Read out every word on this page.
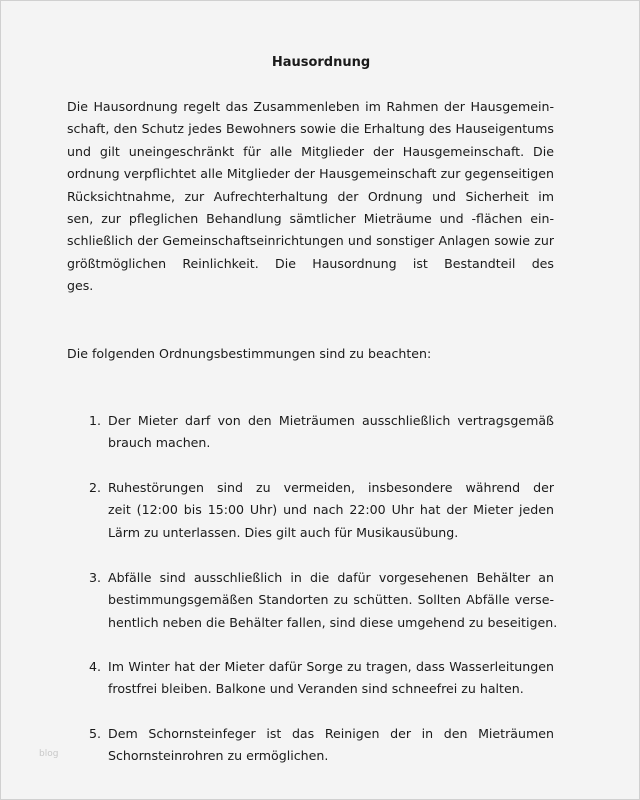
Hausordnung
Die Hausordnung regelt das Zusammenleben im Rahmen der Hausgemein-
schaft, den Schutz jedes Bewohners sowie die Erhaltung des Hauseigentums
und gilt uneingeschränkt für alle Mitglieder der Hausgemeinschaft. Die
ordnung verpflichtet alle Mitglieder der Hausgemeinschaft zur gegenseitigen
Rücksichtnahme, zur Aufrechterhaltung der Ordnung und Sicherheit im
sen, zur pfleglichen Behandlung sämtlicher Mieträume und -flächen ein-
schließlich der Gemeinschaftseinrichtungen und sonstiger Anlagen sowie zur
größtmöglichen Reinlichkeit. Die Hausordnung ist Bestandteil des
ges.
Die folgenden Ordnungsbestimmungen sind zu beachten:
1. Der Mieter darf von den Mieträumen ausschließlich vertragsgemäß
brauch machen.
2. Ruhestörungen sind zu vermeiden, insbesondere während der
zeit (12:00 bis 15:00 Uhr) und nach 22:00 Uhr hat der Mieter jeden
Lärm zu unterlassen. Dies gilt auch für Musikausübung.
3. Abfälle sind ausschließlich in die dafür vorgesehenen Behälter an
bestimmungsgemäßen Standorten zu schütten. Sollten Abfälle verse-
hentlich neben die Behälter fallen, sind diese umgehend zu beseitigen.
4. Im Winter hat der Mieter dafür Sorge zu tragen, dass Wasserleitungen
frostfrei bleiben. Balkone und Veranden sind schneefrei zu halten.
5. Dem Schornsteinfeger ist das Reinigen der in den Mieträumen
Schornsteinrohren zu ermöglichen.
blog
